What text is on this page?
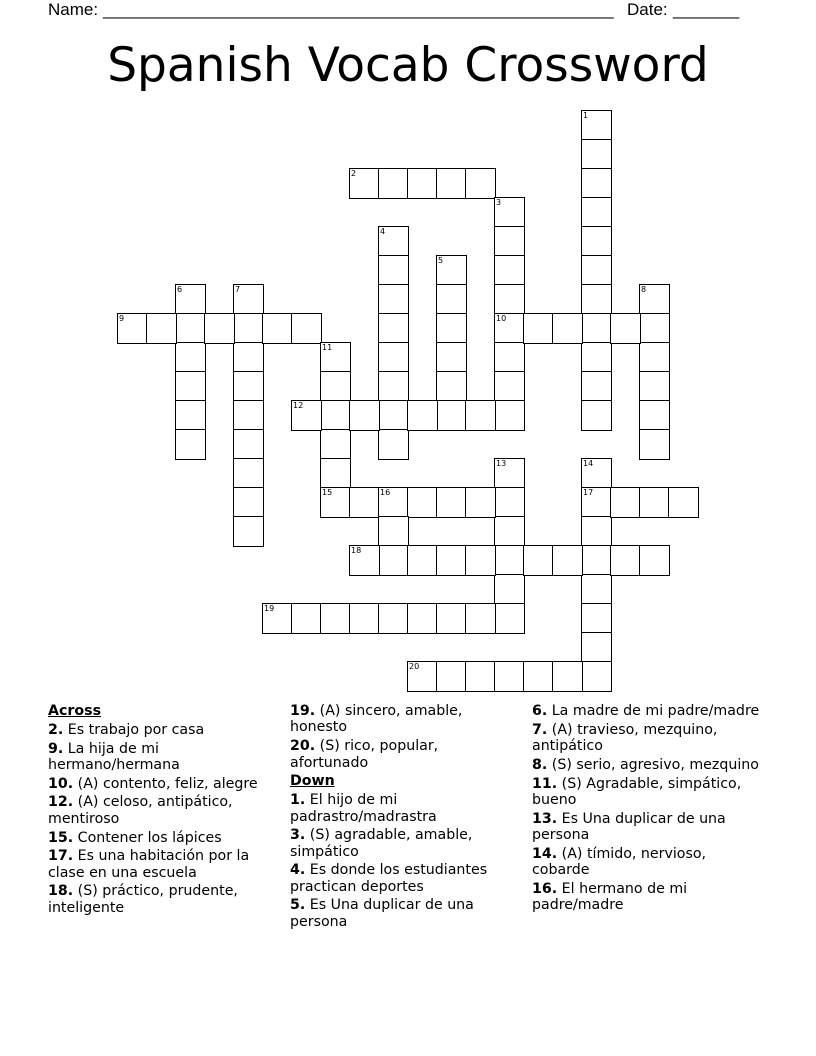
Name: ______________________________________________________ Date: _______
Spanish Vocab Crossword
1
2
3
10
4
5
6	7	8
9
11
15
12
13	14
17
16
18
19
20
Across
2. Es trabajo por casa
9. La hija de mi hermano/hermana
10. (A) contento, feliz, alegre
12. (A) celoso, antipático, mentiroso
15. Contener los lápices
17. Es una habitación por la clase en una escuela
18. (S) práctico, prudente, inteligente
19. (A) sincero, amable, honesto
20. (S) rico, popular, afortunado
Down
1. El hijo de mi padrastro/madrastra
3. (S) agradable, amable, simpático
4. Es donde los estudiantes practican deportes
5. Es Una duplicar de una persona
6. La madre de mi padre/madre
7. (A) travieso, mezquino, antipático
8. (S) serio, agresivo, mezquino
11. (S) Agradable, simpático, bueno
13. Es Una duplicar de una persona
14. (A) tímido, nervioso, cobarde
16. El hermano de mi padre/madre
